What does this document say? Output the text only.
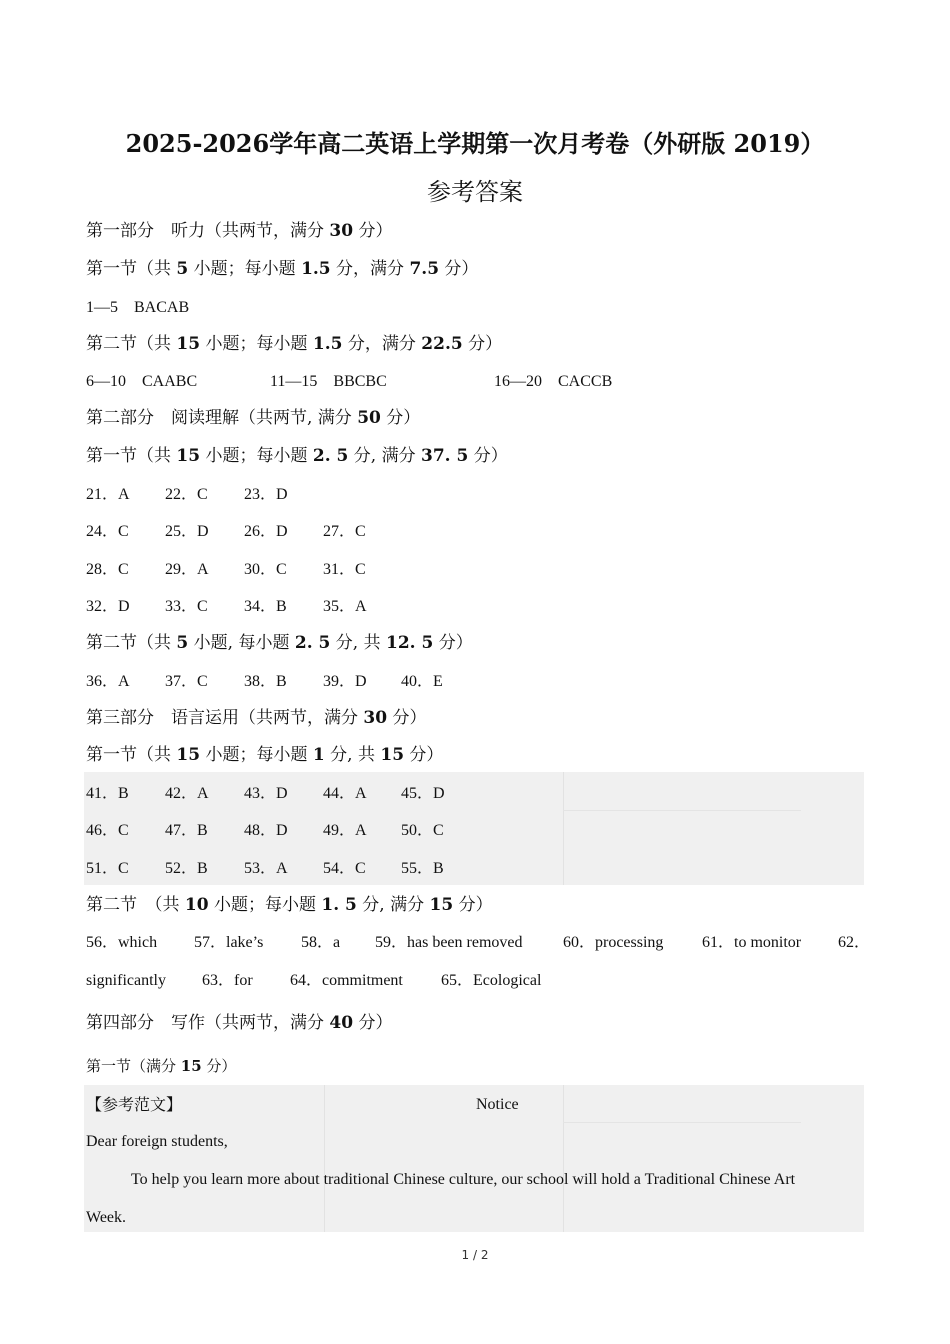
2025-2026学年高二英语上学期第一次月考卷（外研版 2019）
参考答案
第一部分　听力（共两节，满分 30 分）
第一节（共 5 小题；每小题 1.5 分，满分 7.5 分）
1—5　BACAB
第二节（共 15 小题；每小题 1.5 分，满分 22.5 分）
6—10　CAABC	11—15　BBCBC	16—20　CACCB
第二部分　阅读理解（共两节, 满分 50 分）
第一节（共 15 小题；每小题 2. 5 分, 满分 37. 5 分）
21．A 22．C 23．D
24．C 25．D 26．D 27．C
28．C 29．A 30．C 31．C
32．D 33．C 34．B 35．A
第二节（共 5 小题, 每小题 2. 5 分, 共 12. 5 分）
36．A 37．C 38．B 39．D 40．E
第三部分　语言运用（共两节，满分 30 分）
第一节（共 15 小题；每小题 1 分, 共 15 分）
41．B 42．A 43．D 44．A 45．D
46．C 47．B 48．D 49．A 50．C
51．C 52．B 53．A 54．C 55．B
第二节　（共 10 小题；每小题 1. 5 分, 满分 15 分）
56．which 57．lake’s 58．a 59．has been removed	60．processing 61．to monitor 62．
significantly 63．for 64．commitment 65．Ecological
第四部分　写作（共两节，满分 40 分）
第一节（满分 15 分）
【参考范文】	Notice
Dear foreign students,
To help you learn more about traditional Chinese culture, our school will hold a Traditional Chinese Art
Week.
1 / 2
